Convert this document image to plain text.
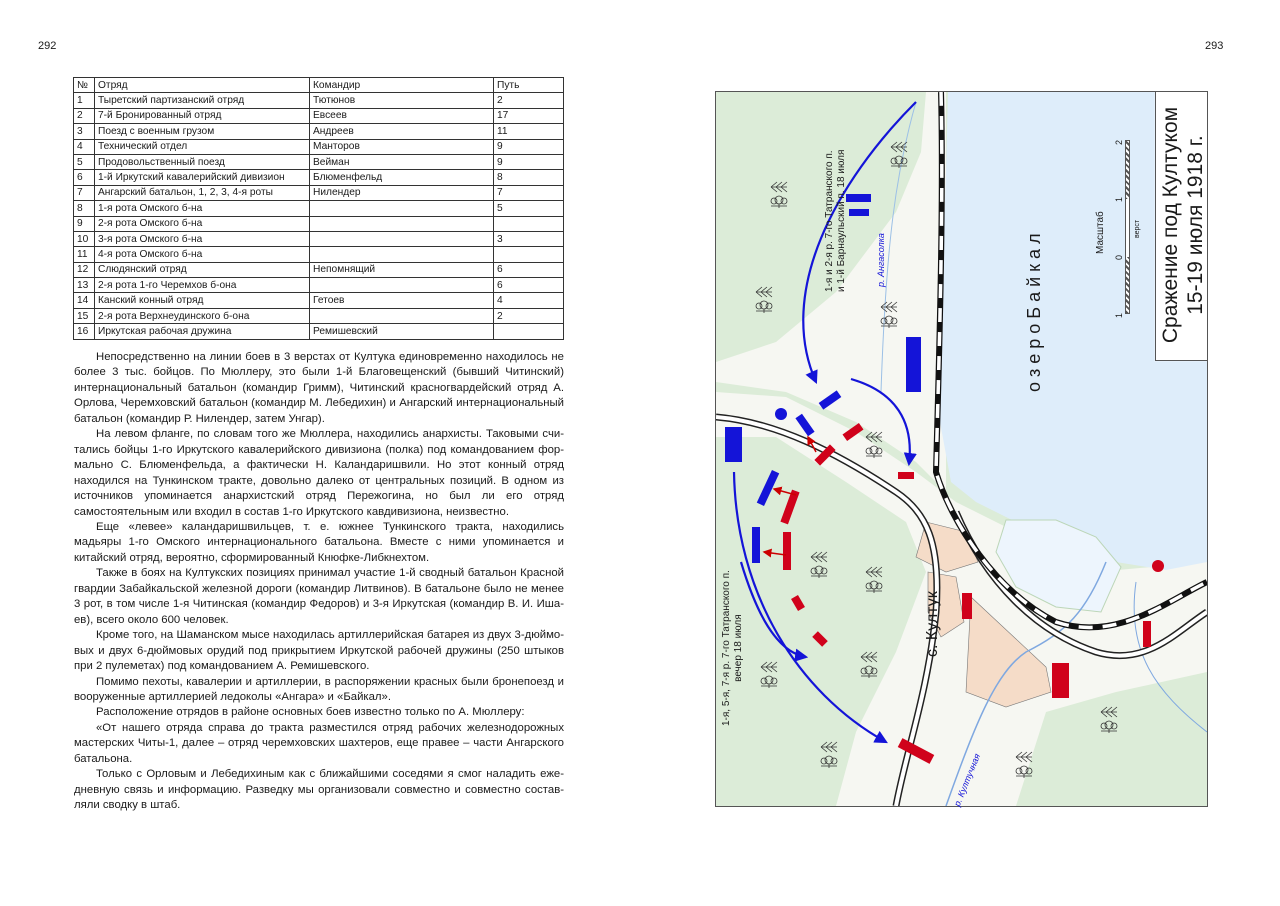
292	293
№	Отряд	Командир	Путь
1	Тыретский партизанский отряд	Тютюнов	2
2	7-й Бронированный отряд	Евсеев	17
3	Поезд с военным грузом	Андреев	11
4	Технический отдел	Манторов	9
5	Продовольственный поезд	Вейман	9
6	1-й Иркутский кавалерийский дивизион	Блюменфельд	8
7	Ангарский батальон, 1, 2, 3, 4-я роты	Нилендер	7
8	1-я рота Омского б-на		5
9	2-я рота Омского б-на		
10	3-я рота Омского б-на		3
11	4-я рота Омского б-на		
12	Слюдянский отряд	Непомнящий	6
13	2-я рота 1-го Черемхов б-она		6
14	Канский конный отряд	Гетоев	4
15	2-я рота Верхнеудинского б-она		2
16	Иркутская рабочая дружина	Ремишевский	

Непосредственно на линии боев в 3 верстах от Култука единовременно находилось не более 3 тыс. бойцов. По Мюллеру, это были 1-й Благовещенский (бывший Читинский) интернациональный батальон (командир Гримм), Читинский красногвардейский отряд А. Орлова, Черемховский батальон (командир М. Лебедихин) и Ангарский интернациональный батальон (командир Р. Нилендер, затем Унгар).

На левом фланге, по словам того же Мюллера, находились анархисты. Таковыми считались бойцы 1-го Иркутского кавалерийского дивизиона (полка) под командованием формально С. Блюменфельда, а фактически Н. Каландаришвили. Но этот конный отряд находился на Тункинском тракте, довольно далеко от центральных позиций. В одном из источников упоминается анархистский отряд Пережогина, но был ли его отряд самостоятельным или входил в состав 1-го Иркутского кавдивизиона, неизвестно.

Еще «левее» каландаришвильцев, т. е. южнее Тункинского тракта, находились мадьяры 1-го Омского интернационального батальона. Вместе с ними упоминается и китайский отряд, вероятно, сформированный Кнюфке-Либкнехтом.

Также в боях на Култукских позициях принимал участие 1-й сводный батальон Красной гвардии Забайкальской железной дороги (командир Литвинов). В батальоне было не менее 3 рот, в том числе 1-я Читинская (командир Федоров) и 3-я Иркутская (командир В. И. Ишаев), всего около 600 человек.

Кроме того, на Шаманском мысе находилась артиллерийская батарея из двух 3-дюймовых и двух 6-дюймовых орудий под прикрытием Иркутской рабочей дружины (250 штыков при 2 пулеметах) под командованием А. Ремишевского.

Помимо пехоты, кавалерии и артиллерии, в распоряжении красных были бронепоезд и вооруженные артиллерией ледоколы «Ангара» и «Байкал».

Расположение отрядов в районе основных боев известно только по А. Мюллеру:

«От нашего отряда справа до тракта разместился отряд рабочих железнодорожных мастерских Читы-1, далее – отряд черемховских шахтеров, еще правее – части Ангарского батальона.

Только с Орловым и Лебедихиным как с ближайшими соседями я смог наладить ежедневную связь и информацию. Разведку мы организовали совместно и совместно составляли сводку в штаб.

о з е р о Б а й к а л
с. Култук
р. Ангасолка
р. Култучная
1-я и 2-я р. 7-го Татранского п. и 1-й Барнаульский п. 18 июля
1-я, 5-я, 7-я р. 7-го Татранского п. вечер 18 июля
Масштаб	верст
1
0
1
2 Сражение под Култуком 15-19 июля 1918 г.
